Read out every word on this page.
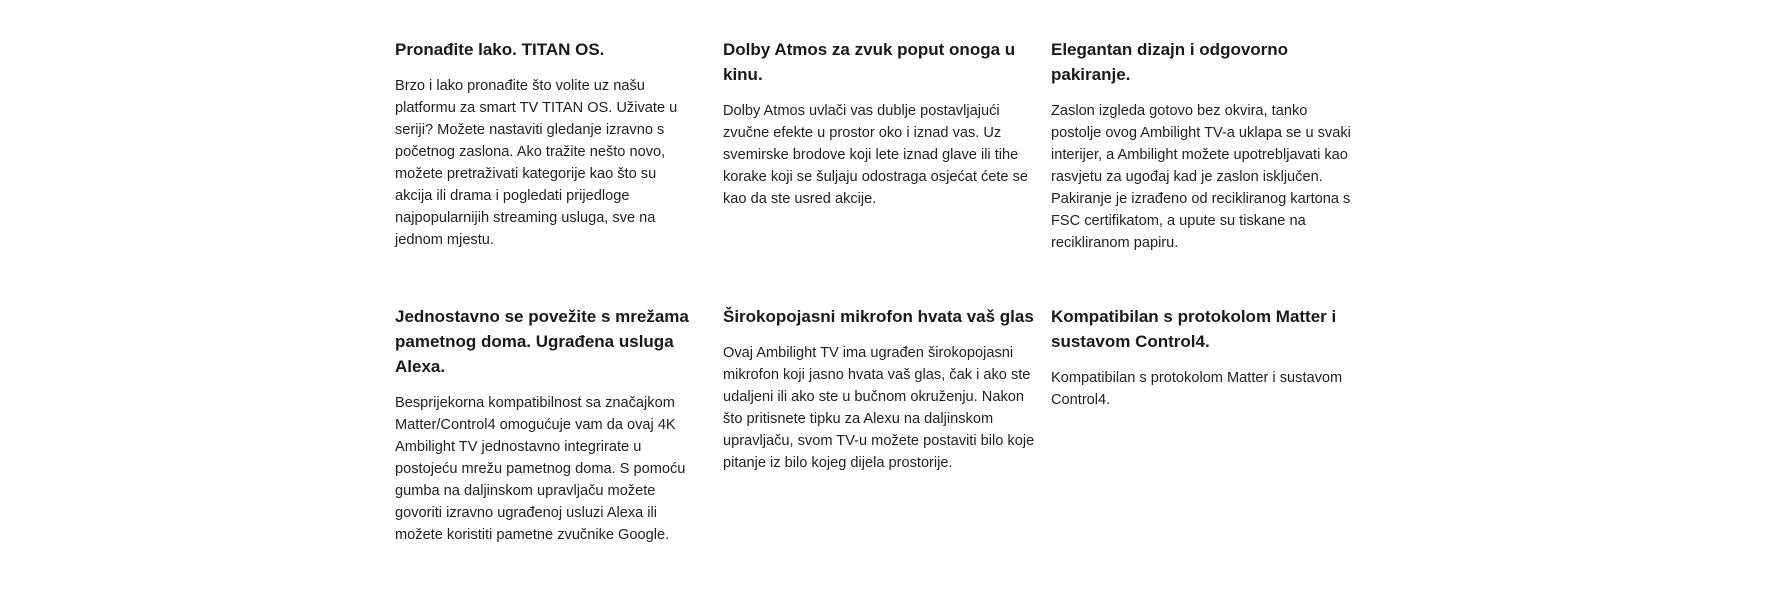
Pronađite lako. TITAN OS.

Brzo i lako pronađite što volite uz našu platformu za smart TV TITAN OS. Uživate u seriji? Možete nastaviti gledanje izravno s početnog zaslona. Ako tražite nešto novo, možete pretraživati kategorije kao što su akcija ili drama i pogledati prijedloge najpopularnijih streaming usluga, sve na jednom mjestu.

Dolby Atmos za zvuk poput onoga u kinu.

Dolby Atmos uvlači vas dublje postavljajući zvučne efekte u prostor oko i iznad vas. Uz svemirske brodove koji lete iznad glave ili tihe korake koji se šuljaju odostraga osjećat ćete se kao da ste usred akcije.

Elegantan dizajn i odgovorno pakiranje.

Zaslon izgleda gotovo bez okvira, tanko postolje ovog Ambilight TV-a uklapa se u svaki interijer, a Ambilight možete upotrebljavati kao rasvjetu za ugođaj kad je zaslon isključen. Pakiranje je izrađeno od recikliranog kartona s FSC certifikatom, a upute su tiskane na recikliranom papiru.

Jednostavno se povežite s mrežama pametnog doma. Ugrađena usluga Alexa.

Besprijekorna kompatibilnost sa značajkom Matter/Control4 omogućuje vam da ovaj 4K Ambilight TV jednostavno integrirate u postojeću mrežu pametnog doma. S pomoću gumba na daljinskom upravljaču možete govoriti izravno ugrađenoj usluzi Alexa ili možete koristiti pametne zvučnike Google.

Širokopojasni mikrofon hvata vaš glas

Ovaj Ambilight TV ima ugrađen širokopojasni mikrofon koji jasno hvata vaš glas, čak i ako ste udaljeni ili ako ste u bučnom okruženju. Nakon što pritisnete tipku za Alexu na daljinskom upravljaču, svom TV-u možete postaviti bilo koje pitanje iz bilo kojeg dijela prostorije.

Kompatibilan s protokolom Matter i sustavom Control4.

Kompatibilan s protokolom Matter i sustavom Control4.
